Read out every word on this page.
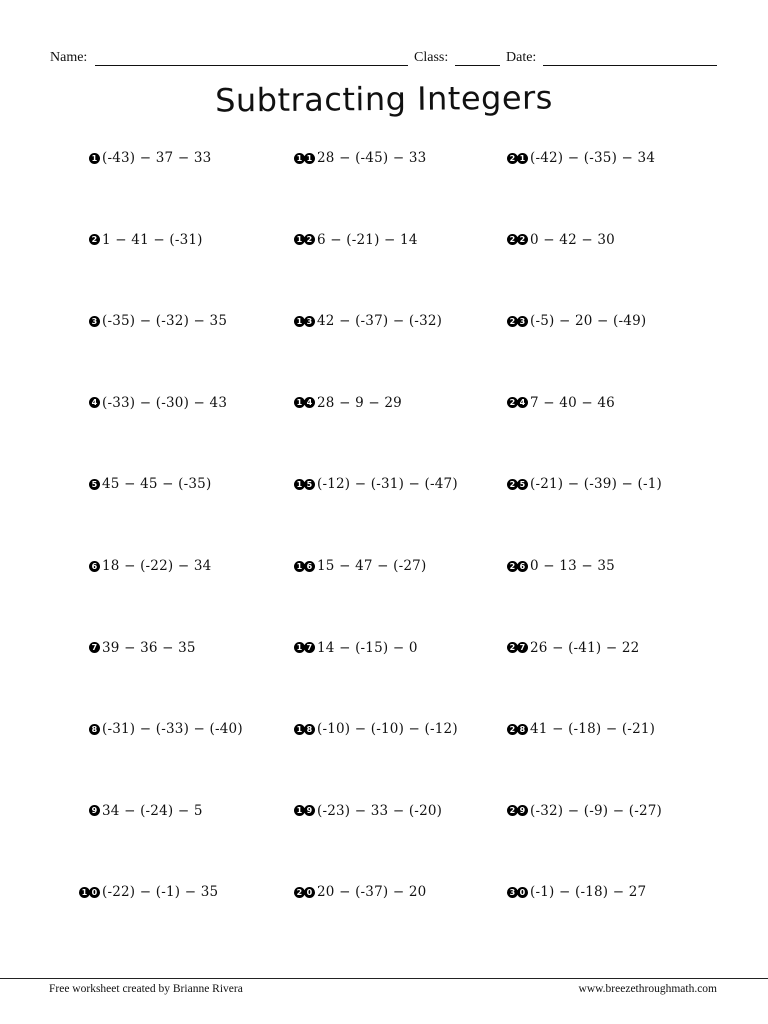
Name:	Class:	Date:
Subtracting Integers
1 (-43) − 37 − 33
2 1 − 41 − (-31)
3 (-35) − (-32) − 35
4 (-33) − (-30) − 43
5 45 − 45 − (-35)
6 18 − (-22) − 34
7 39 − 36 − 35
8 (-31) − (-33) − (-40)
9 34 − (-24) − 5
1 0 (-22) − (-1) − 35
1 1 28 − (-45) − 33
1 2 6 − (-21) − 14
1 3 42 − (-37) − (-32)
1 4 28 − 9 − 29
1 5 (-12) − (-31) − (-47)
1 6 15 − 47 − (-27)
1 7 14 − (-15) − 0
1 8 (-10) − (-10) − (-12)
1 9 (-23) − 33 − (-20)
2 0 20 − (-37) − 20
2 1 (-42) − (-35) − 34
2 2 0 − 42 − 30
2 3 (-5) − 20 − (-49)
2 4 7 − 40 − 46
2 5 (-21) − (-39) − (-1)
2 6 0 − 13 − 35
2 7 26 − (-41) − 22
2 8 41 − (-18) − (-21)
2 9 (-32) − (-9) − (-27)
3 0 (-1) − (-18) − 27
Free worksheet created by Brianne Rivera	www.breezethroughmath.com
